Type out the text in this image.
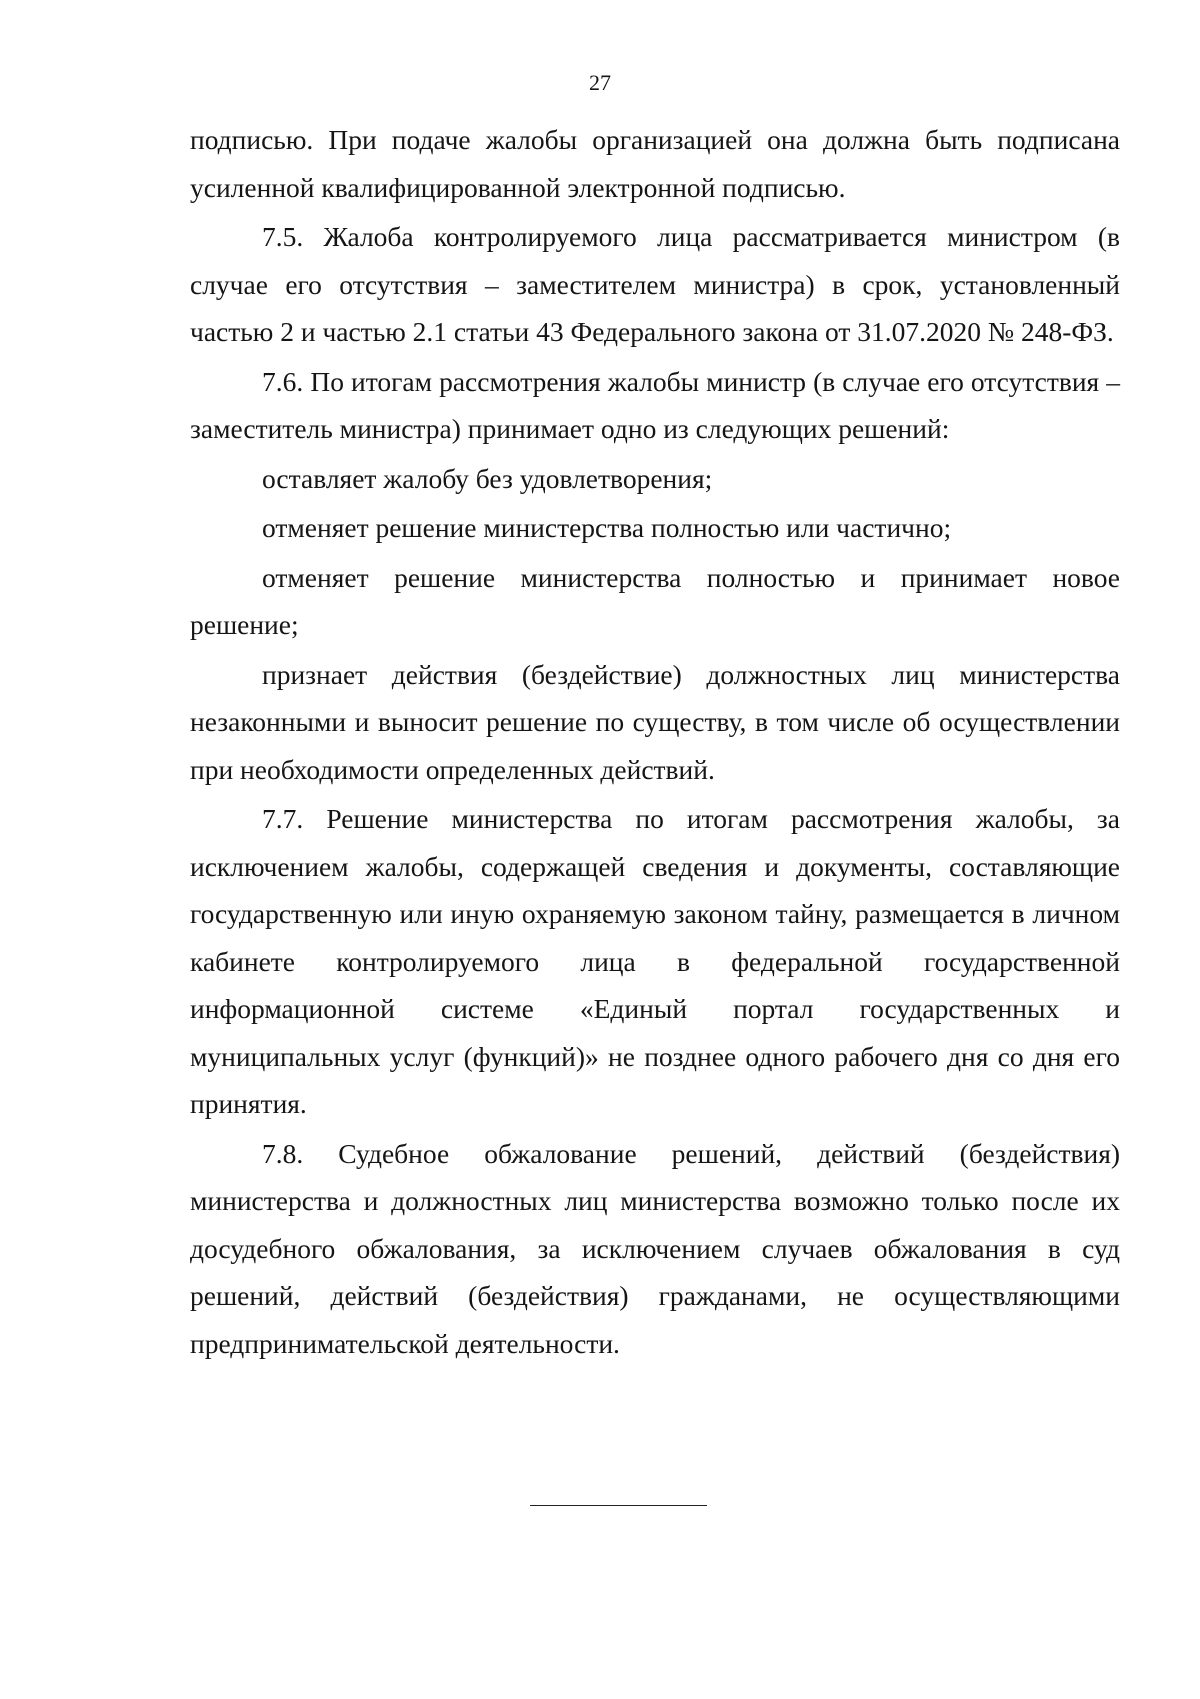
27

подписью. При подаче жалобы организацией она должна быть подписана усиленной квалифицированной электронной подписью.

7.5. Жалоба контролируемого лица рассматривается министром (в случае его отсутствия – заместителем министра) в срок, установленный частью 2 и частью 2.1 статьи 43 Федерального закона от 31.07.2020 № 248-ФЗ.

7.6. По итогам рассмотрения жалобы министр (в случае его отсутствия – заместитель министра) принимает одно из следующих решений:

оставляет жалобу без удовлетворения;

отменяет решение министерства полностью или частично;

отменяет решение министерства полностью и принимает новое решение;

признает действия (бездействие) должностных лиц министерства незаконными и выносит решение по существу, в том числе об осуществлении при необходимости определенных действий.

7.7. Решение министерства по итогам рассмотрения жалобы, за исключением жалобы, содержащей сведения и документы, составляющие государственную или иную охраняемую законом тайну, размещается в личном кабинете контролируемого лица в федеральной государственной информационной системе «Единый портал государственных и муниципальных услуг (функций)» не позднее одного рабочего дня со дня его принятия.

7.8. Судебное обжалование решений, действий (бездействия) министерства и должностных лиц министерства возможно только после их досудебного обжалования, за исключением случаев обжалования в суд решений, действий (бездействия) гражданами, не осуществляющими предпринимательской деятельности.
